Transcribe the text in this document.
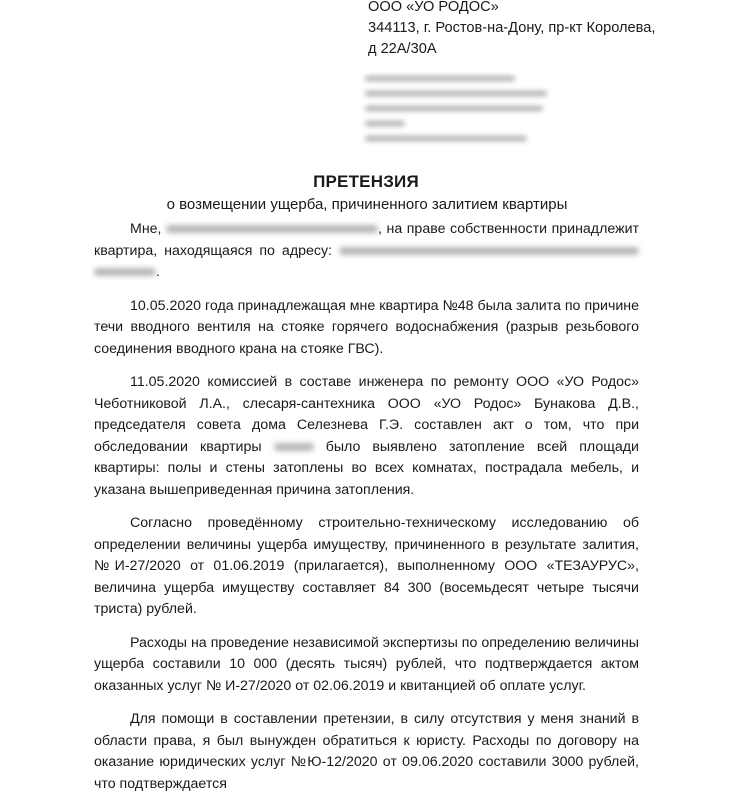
ООО «УО РОДОС»
344113, г. Ростов-на-Дону, пр-кт Королева,
д 22А/30А
ПРЕТЕНЗИЯ
о возмещении ущерба, причиненного залитием квартиры

Мне,	, на праве собственности принадлежит квартира, находящаяся по адресу:  .

10.05.2020 года принадлежащая мне квартира №48 была залита по причине течи вводного вентиля на стояке горячего водоснабжения (разрыв резьбового соединения вводного крана на стояке ГВС).

11.05.2020 комиссией в составе инженера по ремонту ООО «УО Родос» Чеботниковой Л.А., слесаря-сантехника ООО «УО Родос» Бунакова Д.В., председателя совета дома Селезнева Г.Э. составлен акт о том, что при обследовании квартиры	было выявлено затопление всей площади квартиры: полы и стены затоплены во всех комнатах, пострадала мебель, и указана вышеприведенная причина затопления.

Согласно проведённому строительно-техническому исследованию об определении величины ущерба имуществу, причиненного в результате залития, №И-27/2020 от 01.06.2019 (прилагается), выполненному ООО «ТЕЗАУРУС», величина ущерба имуществу составляет 84 300 (восемьдесят четыре тысячи триста) рублей.

Расходы на проведение независимой экспертизы по определению величины ущерба составили 10 000 (десять тысяч) рублей, что подтверждается актом оказанных услуг № И-27/2020 от 02.06.2019 и квитанцией об оплате услуг.

Для помощи в составлении претензии, в силу отсутствия у меня знаний в области права, я был вынужден обратиться к юристу. Расходы по договору на оказание юридических услуг №Ю-12/2020 от 09.06.2020 составили 3000 рублей, что подтверждается
